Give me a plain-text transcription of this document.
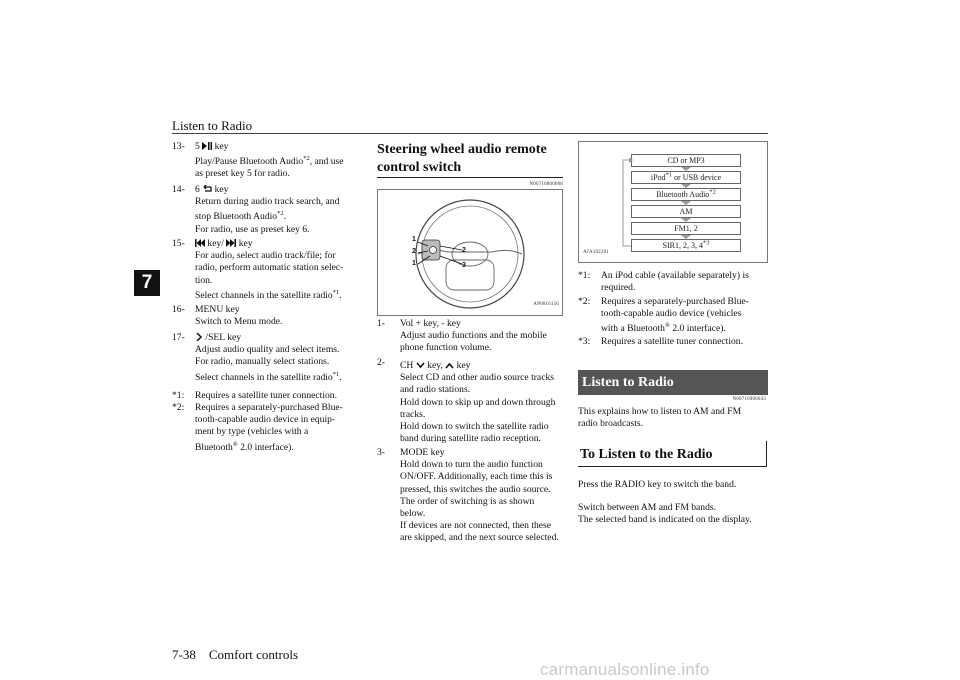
Listen to Radio
7
13- 5 key
Play/Pause Bluetooth Audio$^{*2}$, and use
as preset key 5 for radio.
14- 6 key
Return during audio track search, and
stop Bluetooth Audio$^{*2}$.
For radio, use as preset key 6.
15-	key/ key
For audio, select audio track/file; for
radio, perform automatic station selec-
tion.
Select channels in the satellite radio$^{*1}$.
16- MENU key
Switch to Menu mode.
17-	/SEL key
Adjust audio quality and select items.
For radio, manually select stations.
Select channels in the satellite radio$^{*1}$.
*1: Requires a satellite tuner connection.
*2: Requires a separately-purchased Blue-
tooth-capable audio device in equip-
ment by type (vehicles with a
Bluetooth® 2.0 interface).
Steering wheel audio remote
control switch
N00716800068
1
2
1
2
3
AP0016156
1- Vol + key, - key
Adjust audio functions and the mobile
phone function volume.
2- CH key, key
Select CD and other audio source tracks
and radio stations.
Hold down to skip up and down through
tracks.
Hold down to switch the satellite radio
band during satellite radio reception.
3- MODE key
Hold down to turn the audio function
ON/OFF. Additionally, each time this is
pressed, this switches the audio source.
The order of switching is as shown
below.
If devices are not connected, then these
are skipped, and the next source selected.
CD or MP3
iPod$^{*1}$ or USB device
Bluetooth Audio$^{*2}$
AM
FM1, 2
SIR1, 2, 3, 4$^{*3}$
AJA102201
*1: An iPod cable (available separately) is
required.
*2: Requires a separately-purchased Blue-
tooth-capable audio device (vehicles
with a Bluetooth® 2.0 interface).
*3: Requires a satellite tuner connection.
Listen to Radio
N00716900043
This explains how to listen to AM and FM
radio broadcasts.
To Listen to the Radio
Press the RADIO key to switch the band.
Switch between AM and FM bands.
The selected band is indicated on the display.
7-38 Comfort controls
carmanualsonline.info
